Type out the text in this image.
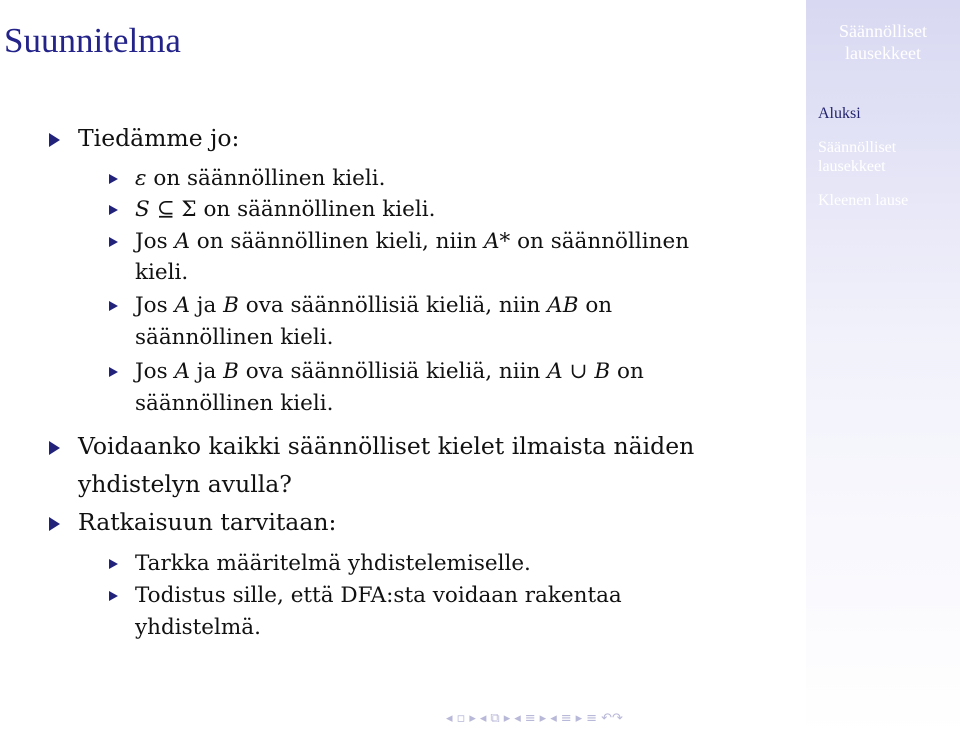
Suunnitelma
Tiedämme jo:
ε on säännöllinen kieli.
S ⊆ Σ on säännöllinen kieli.
Jos A on säännöllinen kieli, niin A* on säännöllinen
kieli.
Jos A ja B ova säännöllisiä kieliä, niin AB on
säännöllinen kieli.
Jos A ja B ova säännöllisiä kieliä, niin A ∪ B on
säännöllinen kieli.
Voidaanko kaikki säännölliset kielet ilmaista näiden
yhdistelyn avulla?
Ratkaisuun tarvitaan:
Tarkka määritelmä yhdistelemiselle.
Todistus sille, että DFA:sta voidaan rakentaa
yhdistelmä.
Säännölliset
lausekkeet
Aluksi
Säännölliset
lausekkeet
Kleenen lause
◂ ▫ ▸ ◂ ⧉ ▸ ◂ ≡ ▸ ◂ ≡ ▸ ≡ ↶↷
